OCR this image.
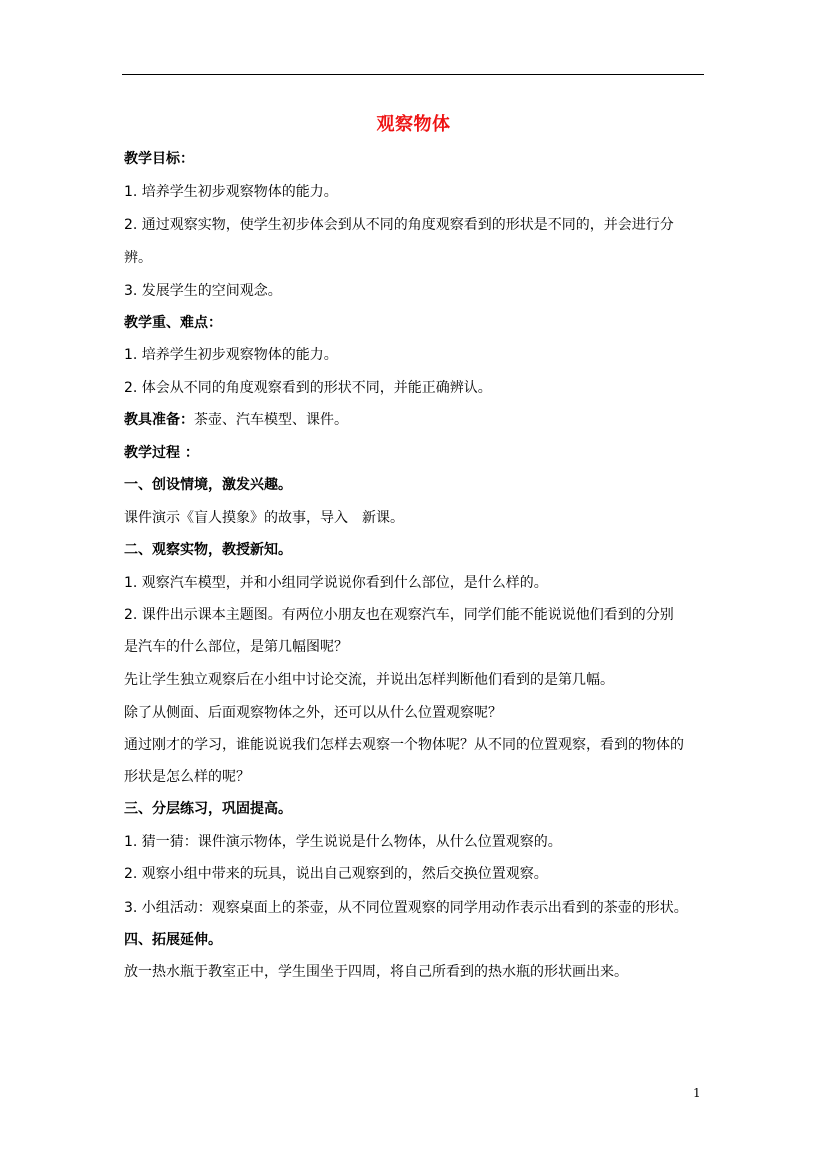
观察物体
教学目标：
1. 培养学生初步观察物体的能力。
2. 通过观察实物，使学生初步体会到从不同的角度观察看到的形状是不同的，并会进行分
辨。
3. 发展学生的空间观念。
教学重、难点：
1. 培养学生初步观察物体的能力。
2. 体会从不同的角度观察看到的形状不同，并能正确辨认。
教具准备：茶壶、汽车模型、课件。
教学过程 ：
一、创设情境，激发兴趣。
课件演示《盲人摸象》的故事，导入　新课。
二、观察实物，教授新知。
1. 观察汽车模型，并和小组同学说说你看到什么部位，是什么样的。
2. 课件出示课本主题图。有两位小朋友也在观察汽车，同学们能不能说说他们看到的分别
是汽车的什么部位，是第几幅图呢？
先让学生独立观察后在小组中讨论交流，并说出怎样判断他们看到的是第几幅。
除了从侧面、后面观察物体之外，还可以从什么位置观察呢？
通过刚才的学习，谁能说说我们怎样去观察一个物体呢？从不同的位置观察，看到的物体的
形状是怎么样的呢？
三、分层练习，巩固提高。
1. 猜一猜：课件演示物体，学生说说是什么物体，从什么位置观察的。
2. 观察小组中带来的玩具，说出自己观察到的，然后交换位置观察。
3. 小组活动：观察桌面上的茶壶，从不同位置观察的同学用动作表示出看到的茶壶的形状。
四、拓展延伸。
放一热水瓶于教室正中，学生围坐于四周，将自己所看到的热水瓶的形状画出来。
1
